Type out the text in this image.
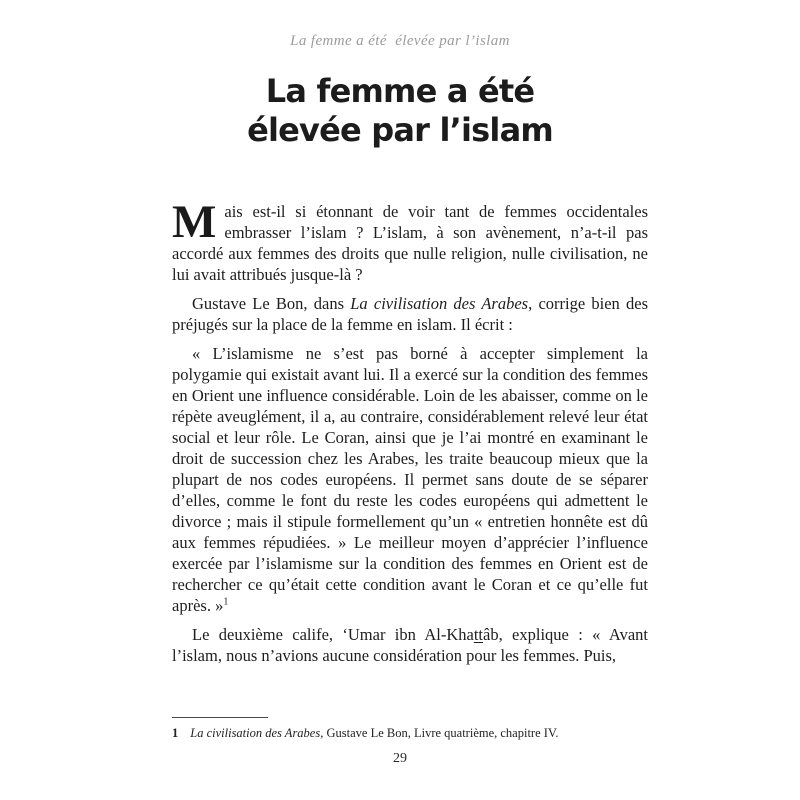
La femme a été  élevée par l’islam
La femme a été
élevée par l’islam

Mais est-il si étonnant de voir tant de femmes occidentales embrasser l’islam ? L’islam, à son avènement, n’a-t-il pas accordé aux femmes des droits que nulle religion, nulle civilisation, ne lui avait attribués jusque-là ?

Gustave Le Bon, dans La civilisation des Arabes, corrige bien des préjugés sur la place de la femme en islam. Il écrit :

« L’islamisme ne s’est pas borné à accepter simplement la polygamie qui existait avant lui. Il a exercé sur la condition des femmes en Orient une influence considérable. Loin de les abaisser, comme on le répète aveuglément, il a, au contraire, considérablement relevé leur état social et leur rôle. Le Coran, ainsi que je l’ai montré en examinant le droit de succession chez les Arabes, les traite beaucoup mieux que la plupart de nos codes européens. Il permet sans doute de se séparer d’elles, comme le font du reste les codes européens qui admettent le divorce ; mais il stipule formellement qu’un « entretien honnête est dû aux femmes répudiées. » Le meilleur moyen d’apprécier l’influence exercée par l’islamisme sur la condition des femmes en Orient est de rechercher ce qu’était cette condition avant le Coran et ce qu’elle fut après. »$^1$

Le deuxième calife, ‘Umar ibn Al-Khattâb, explique : « Avant l’islam, nous n’avions aucune considération pour les femmes. Puis,

1 La civilisation des Arabes, Gustave Le Bon, Livre quatrième, chapitre IV.
29
